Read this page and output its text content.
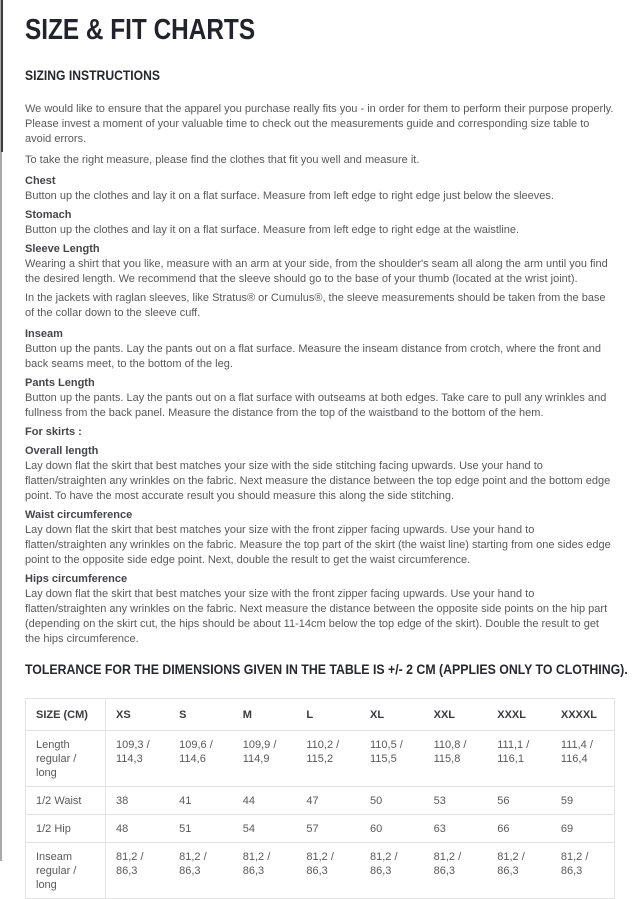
SIZE & FIT CHARTS
SIZING INSTRUCTIONS

We would like to ensure that the apparel you purchase really fits you - in order for them to perform their purpose properly. Please invest a moment of your valuable time to check out the measurements guide and corresponding size table to avoid errors.

To take the right measure, please find the clothes that fit you well and measure it.

Chest

Button up the clothes and lay it on a flat surface. Measure from left edge to right edge just below the sleeves.

Stomach

Button up the clothes and lay it on a flat surface. Measure from left edge to right edge at the waistline.

Sleeve Length

Wearing a shirt that you like, measure with an arm at your side, from the shoulder's seam all along the arm until you find the desired length. We recommend that the sleeve should go to the base of your thumb (located at the wrist joint).

In the jackets with raglan sleeves, like Stratus® or Cumulus®, the sleeve measurements should be taken from the base of the collar down to the sleeve cuff.

Inseam

Button up the pants. Lay the pants out on a flat surface. Measure the inseam distance from crotch, where the front and back seams meet, to the bottom of the leg.

Pants Length

Button up the pants. Lay the pants out on a flat surface with outseams at both edges. Take care to pull any wrinkles and fullness from the back panel. Measure the distance from the top of the waistband to the bottom of the hem.

For skirts :
Overall length

Lay down flat the skirt that best matches your size with the side stitching facing upwards. Use your hand to flatten/straighten any wrinkles on the fabric. Next measure the distance between the top edge point and the bottom edge point. To have the most accurate result you should measure this along the side stitching.

Waist circumference

Lay down flat the skirt that best matches your size with the front zipper facing upwards. Use your hand to flatten/straighten any wrinkles on the fabric. Measure the top part of the skirt (the waist line) starting from one sides edge point to the opposite side edge point. Next, double the result to get the waist circumference.

Hips circumference

Lay down flat the skirt that best matches your size with the front zipper facing upwards. Use your hand to flatten/straighten any wrinkles on the fabric. Next measure the distance between the opposite side points on the hip part (depending on the skirt cut, the hips should be about 11-14cm below the top edge of the skirt). Double the result to get the hips circumference.

TOLERANCE FOR THE DIMENSIONS GIVEN IN THE TABLE IS +/- 2 CM (APPLIES ONLY TO CLOTHING).
SIZE (CM)	XS	S	M	L	XL	XXL	XXXL	XXXXL
Length regular / long	109,3 / 114,3	109,6 / 114,6	109,9 / 114,9	110,2 / 115,2	110,5 / 115,5	110,8 / 115,8	111,1 / 116,1	111,4 / 116,4
1/2 Waist	38	41	44	47	50	53	56	59
1/2 Hip	48	51	54	57	60	63	66	69
Inseam regular / long	81,2 / 86,3	81,2 / 86,3	81,2 / 86,3	81,2 / 86,3	81,2 / 86,3	81,2 / 86,3	81,2 / 86,3	81,2 / 86,3
